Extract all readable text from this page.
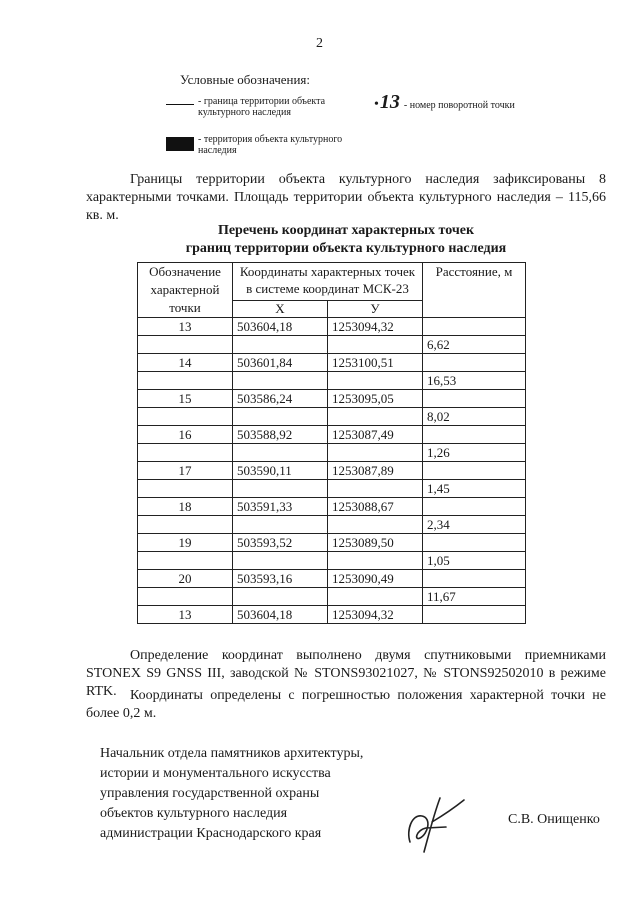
2
Условные обозначения:
- граница территории объекта культурного наследия
• 13 - номер поворотной точки
- территория объекта культурного наследия
Границы территории объекта культурного наследия зафиксированы 8 характерными точками. Площадь территории объекта культурного наследия – 115,66 кв. м.
Перечень координат характерных точек
границ территории объекта культурного наследия
Обозначение характерной точки	Координаты характерных точек в системе координат МСК-23		Расстояние, м
	X	У	
13	503604,18	1253094,32	
			6,62
14	503601,84	1253100,51	
			16,53
15	503586,24	1253095,05	
			8,02
16	503588,92	1253087,49	
			1,26
17	503590,11	1253087,89	
			1,45
18	503591,33	1253088,67	
			2,34
19	503593,52	1253089,50	
			1,05
20	503593,16	1253090,49	
			11,67
13	503604,18	1253094,32	
Определение координат выполнено двумя спутниковыми приемниками STONEX S9 GNSS III, заводской № STONS93021027, № STONS92502010 в режиме RTK. Координаты определены с погрешностью положения характерной точки не более 0,2 м.
Начальник отдела памятников архитектуры,
истории и монументального искусства
управления государственной охраны
объектов культурного наследия
администрации Краснодарского края
С.В. Онищенко
